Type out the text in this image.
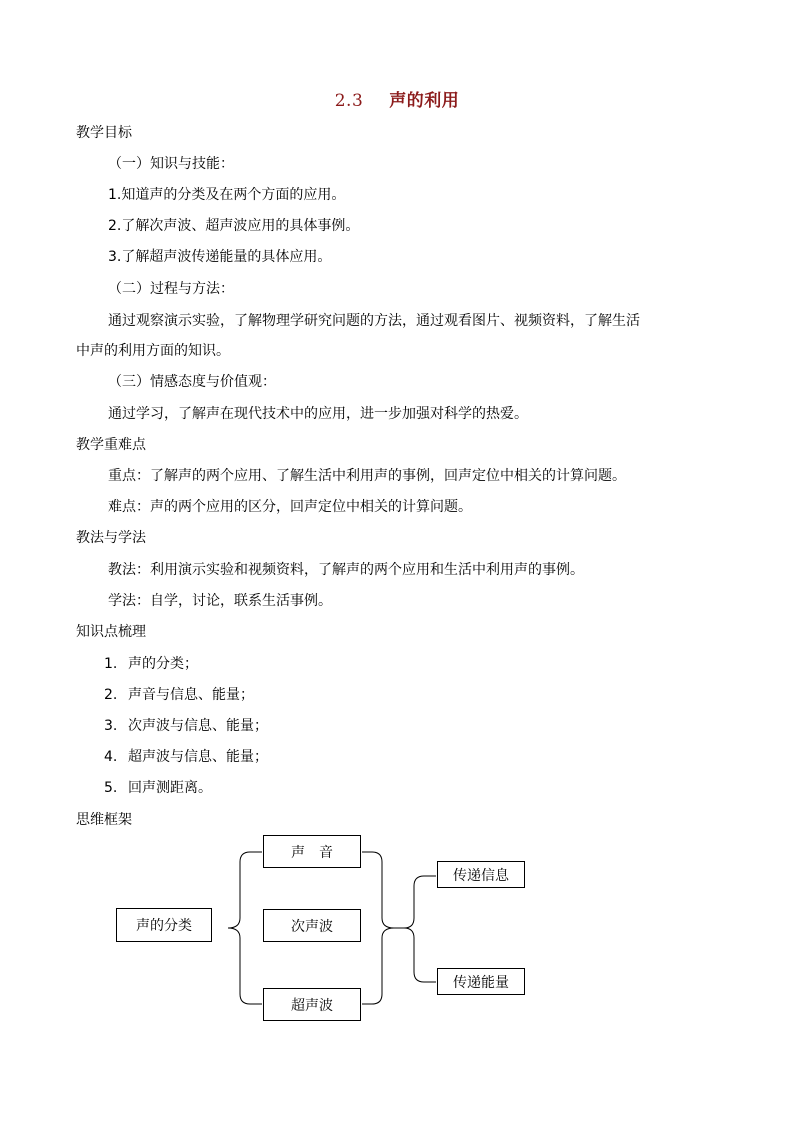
2.3 声的利用
教学目标
（一）知识与技能：
1.知道声的分类及在两个方面的应用。
2.了解次声波、超声波应用的具体事例。
3.了解超声波传递能量的具体应用。
（二）过程与方法：
通过观察演示实验，了解物理学研究问题的方法，通过观看图片、视频资料，了解生活
中声的利用方面的知识。
（三）情感态度与价值观：
通过学习，了解声在现代技术中的应用，进一步加强对科学的热爱。
教学重难点
重点：了解声的两个应用、了解生活中利用声的事例，回声定位中相关的计算问题。
难点：声的两个应用的区分，回声定位中相关的计算问题。
教法与学法
教法：利用演示实验和视频资料，了解声的两个应用和生活中利用声的事例。
学法：自学，讨论，联系生活事例。
知识点梳理
1. 声的分类；
2. 声音与信息、能量；
3. 次声波与信息、能量；
4. 超声波与信息、能量；
5. 回声测距离。
思维框架
声的分类
声　音
次声波
超声波
传递信息
传递能量
